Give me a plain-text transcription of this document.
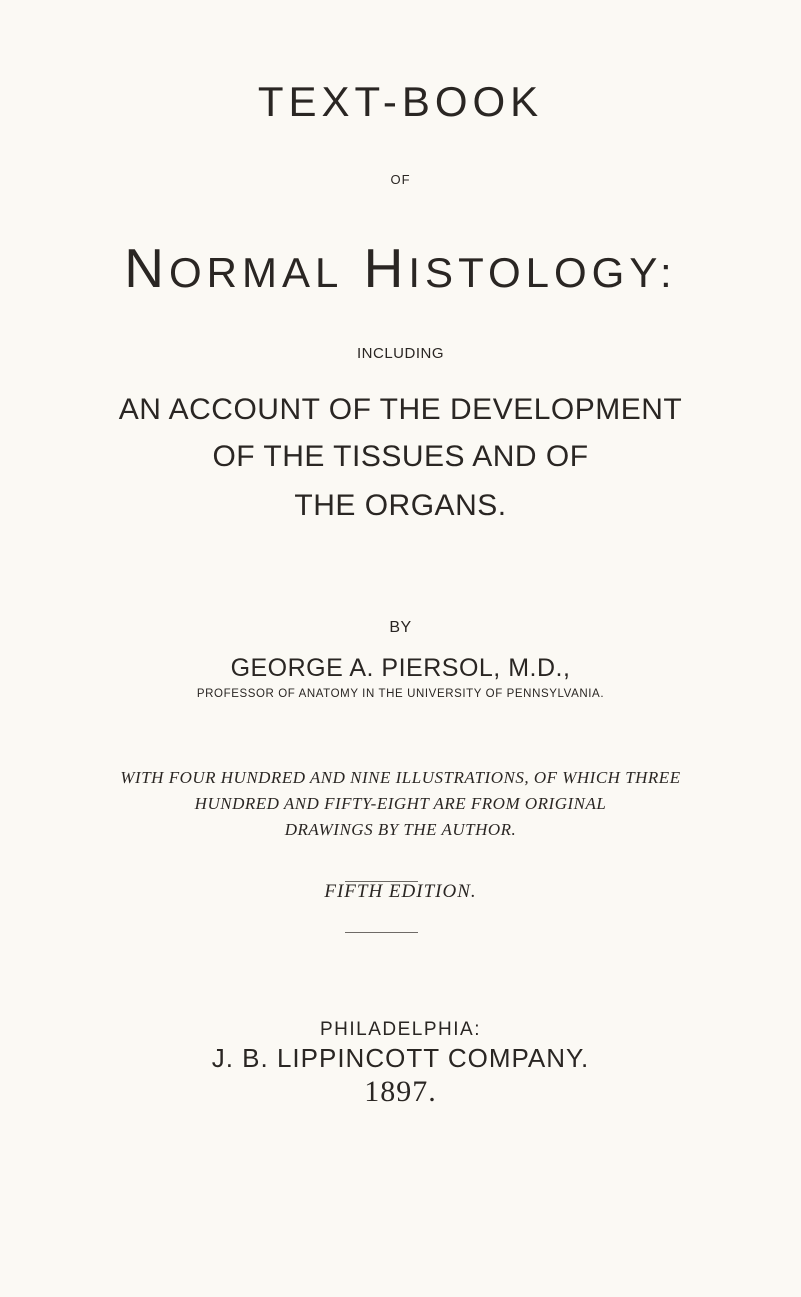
TEXT-BOOK

OF

NORMAL HISTOLOGY:

INCLUDING

AN ACCOUNT OF THE DEVELOPMENT

OF THE TISSUES AND OF

THE ORGANS.

BY

GEORGE A. PIERSOL, M.D.,

PROFESSOR OF ANATOMY IN THE UNIVERSITY OF PENNSYLVANIA.

WITH FOUR HUNDRED AND NINE ILLUSTRATIONS, OF WHICH THREE

HUNDRED AND FIFTY-EIGHT ARE FROM ORIGINAL

DRAWINGS BY THE AUTHOR.

FIFTH EDITION.

PHILADELPHIA:

J. B. LIPPINCOTT COMPANY.

1897.
